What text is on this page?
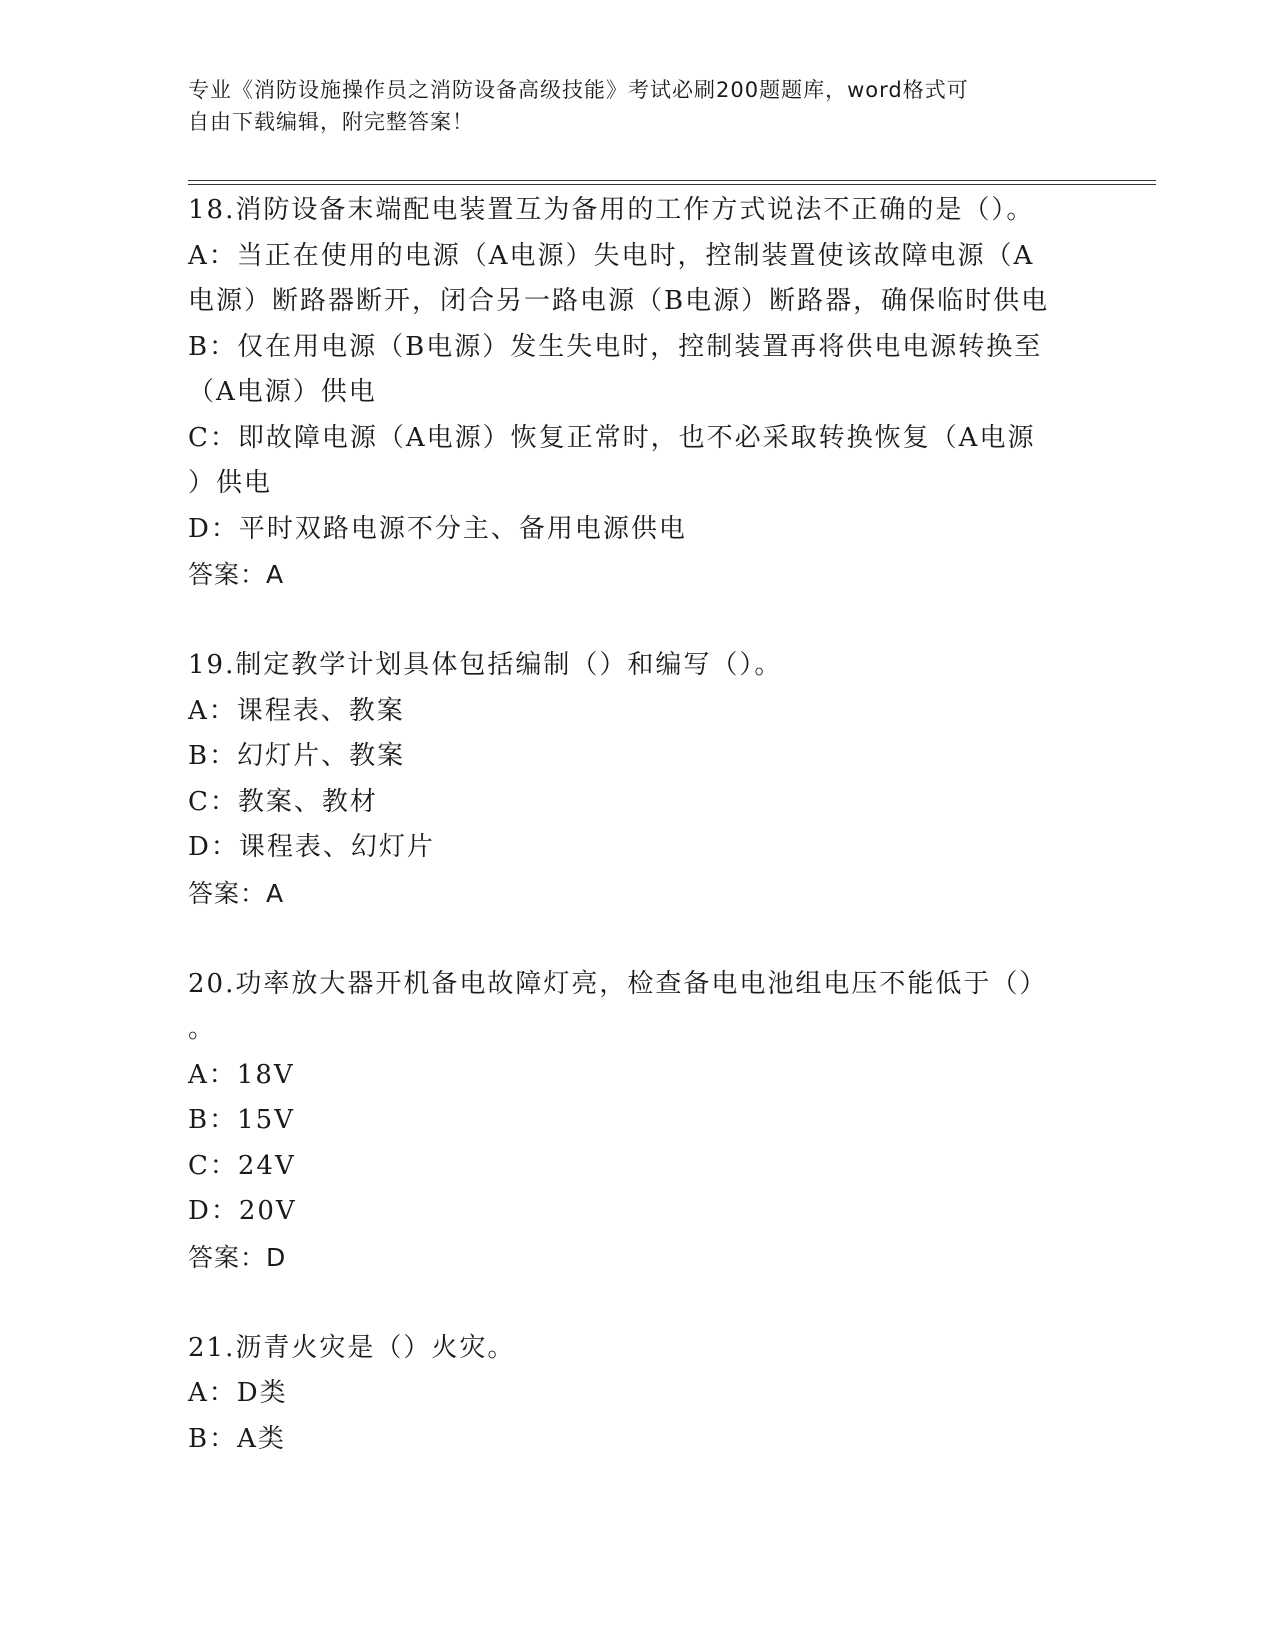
专业《消防设施操作员之消防设备高级技能》考试必刷200题题库，word格式可
自由下载编辑，附完整答案！
18.消防设备末端配电装置互为备用的工作方式说法不正确的是（）。
A：当正在使用的电源（A电源）失电时，控制装置使该故障电源（A
电源）断路器断开，闭合另一路电源（B电源）断路器，确保临时供电
B：仅在用电源（B电源）发生失电时，控制装置再将供电电源转换至
（A电源）供电
C：即故障电源（A电源）恢复正常时，也不必采取转换恢复（A电源
）供电
D：平时双路电源不分主、备用电源供电
答案：A
19.制定教学计划具体包括编制（）和编写（）。
A：课程表、教案
B：幻灯片、教案
C：教案、教材
D：课程表、幻灯片
答案：A
20.功率放大器开机备电故障灯亮，检查备电电池组电压不能低于（）
。
A：18V
B：15V
C：24V
D：20V
答案：D
21.沥青火灾是（）火灾。
A：D类
B：A类
